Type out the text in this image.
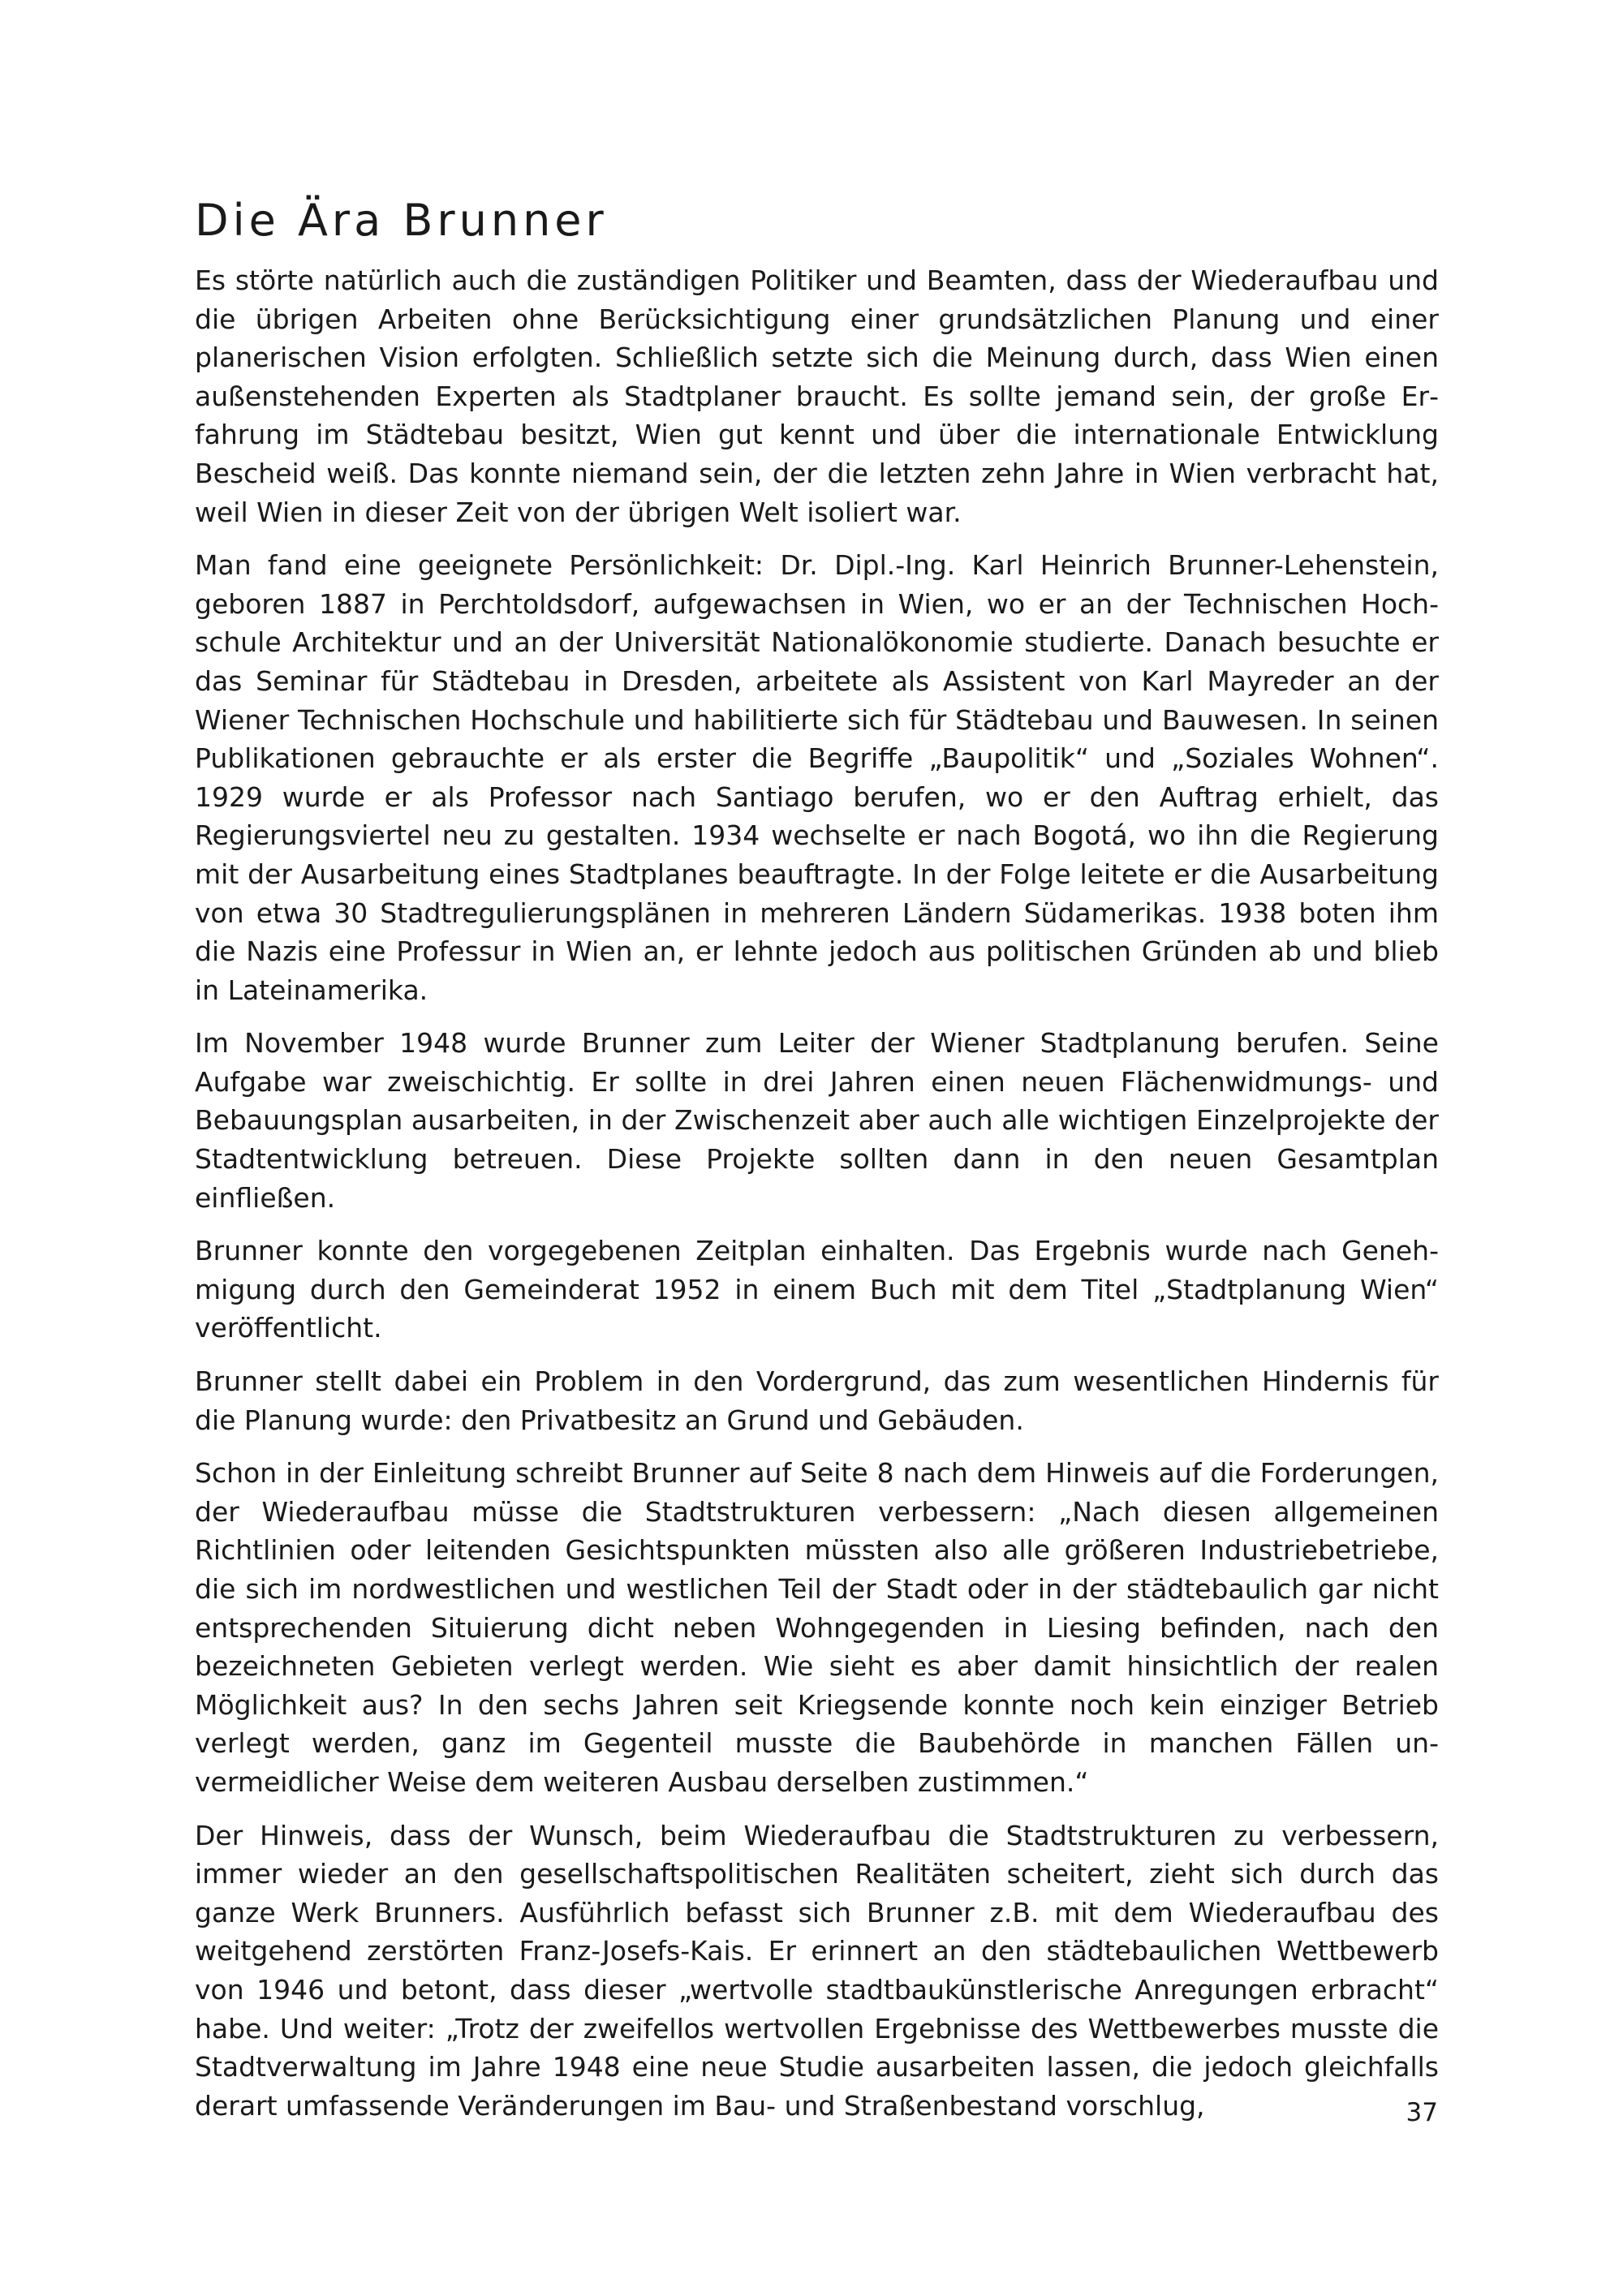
Die Ära Brunner

Es störte natürlich auch die zuständigen Politiker und Beamten, dass der Wiederaufbau und die übrigen Arbeiten ohne Berücksichtigung einer grundsätzlichen Planung und einer planerischen Vision erfolgten. Schließlich setzte sich die Meinung durch, dass Wien einen außenstehenden Experten als Stadtplaner braucht. Es sollte jemand sein, der große Erfahrung im Städtebau besitzt, Wien gut kennt und über die internationale Entwicklung Bescheid weiß. Das konnte niemand sein, der die letzten zehn Jahre in Wien verbracht hat, weil Wien in dieser Zeit von der übrigen Welt isoliert war.

Man fand eine geeignete Persönlichkeit: Dr. Dipl.-Ing. Karl Heinrich Brunner-Lehenstein, geboren 1887 in Perchtoldsdorf, aufgewachsen in Wien, wo er an der Technischen Hochschule Architektur und an der Universität Nationalökonomie studierte. Danach besuchte er das Seminar für Städtebau in Dresden, arbeitete als Assistent von Karl Mayreder an der Wiener Technischen Hochschule und habilitierte sich für Städtebau und Bauwesen. In seinen Publikationen gebrauchte er als erster die Begriffe „Baupolitik“ und „Soziales Wohnen“. 1929 wurde er als Professor nach Santiago berufen, wo er den Auftrag erhielt, das Regierungsviertel neu zu gestalten. 1934 wechselte er nach Bogotá, wo ihn die Regierung mit der Ausarbeitung eines Stadtplanes beauftragte. In der Folge leitete er die Ausarbeitung von etwa 30 Stadtregulierungsplänen in mehreren Ländern Südamerikas. 1938 boten ihm die Nazis eine Professur in Wien an, er lehnte jedoch aus politischen Gründen ab und blieb in Lateinamerika.

Im November 1948 wurde Brunner zum Leiter der Wiener Stadtplanung berufen. Seine Aufgabe war zweischichtig. Er sollte in drei Jahren einen neuen Flächenwidmungs- und Bebauungsplan ausarbeiten, in der Zwischenzeit aber auch alle wichtigen Einzelprojekte der Stadtentwicklung betreuen. Diese Projekte sollten dann in den neuen Gesamtplan einfließen.

Brunner konnte den vorgegebenen Zeitplan einhalten. Das Ergebnis wurde nach Genehmigung durch den Gemeinderat 1952 in einem Buch mit dem Titel „Stadtplanung Wien“ veröffentlicht.

Brunner stellt dabei ein Problem in den Vordergrund, das zum wesentlichen Hindernis für die Planung wurde: den Privatbesitz an Grund und Gebäuden.

Schon in der Einleitung schreibt Brunner auf Seite 8 nach dem Hinweis auf die Forderungen, der Wiederaufbau müsse die Stadtstrukturen verbessern: „Nach diesen allgemeinen Richtlinien oder leitenden Gesichtspunkten müssten also alle größeren Industriebetriebe, die sich im nordwestlichen und westlichen Teil der Stadt oder in der städtebaulich gar nicht entsprechenden Situierung dicht neben Wohngegenden in Liesing befinden, nach den bezeichneten Gebieten verlegt werden. Wie sieht es aber damit hinsichtlich der realen Möglichkeit aus? In den sechs Jahren seit Kriegsende konnte noch kein einziger Betrieb verlegt werden, ganz im Gegenteil musste die Baubehörde in manchen Fällen unvermeidlicher Weise dem weiteren Ausbau derselben zustimmen.“

Der Hinweis, dass der Wunsch, beim Wiederaufbau die Stadtstrukturen zu verbessern, immer wieder an den gesellschaftspolitischen Realitäten scheitert, zieht sich durch das ganze Werk Brunners. Ausführlich befasst sich Brunner z.B. mit dem Wiederaufbau des weitgehend zerstörten Franz-Josefs-Kais. Er erinnert an den städtebaulichen Wettbewerb von 1946 und betont, dass dieser „wertvolle stadtbaukünstlerische Anregungen erbracht“ habe. Und weiter: „Trotz der zweifellos wertvollen Ergebnisse des Wettbewerbes musste die Stadtverwaltung im Jahre 1948 eine neue Studie ausarbeiten lassen, die jedoch gleichfalls derart umfassende Veränderungen im Bau- und Straßenbestand vorschlug,	37
